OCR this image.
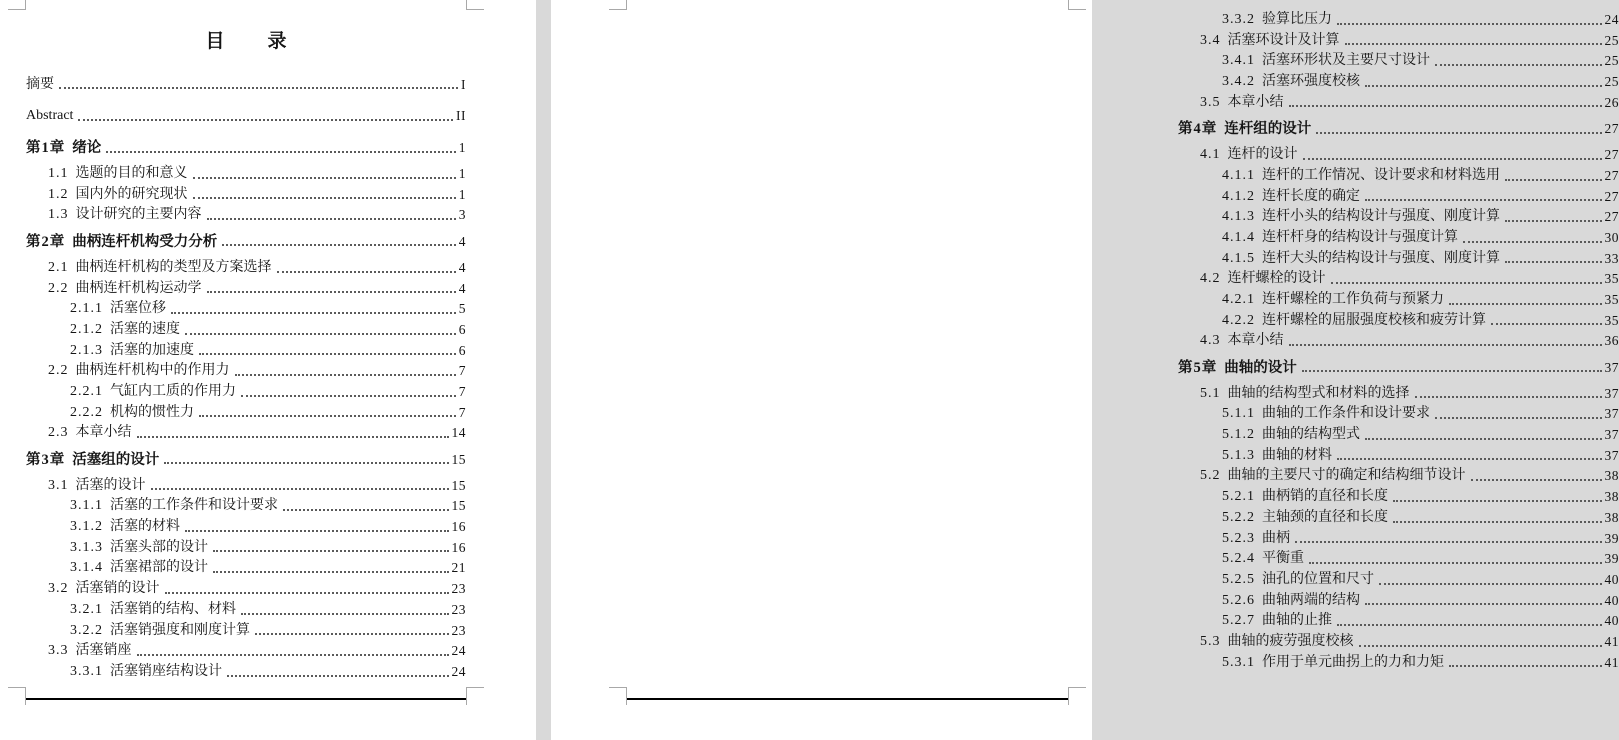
目　录
摘要	I
Abstract	II
第1章 绪论	1
1.1 选题的目的和意义	1
1.2 国内外的研究现状	1
1.3 设计研究的主要内容	3
第2章 曲柄连杆机构受力分析	4
2.1 曲柄连杆机构的类型及方案选择	4
2.2 曲柄连杆机构运动学	4
2.1.1 活塞位移	5
2.1.2 活塞的速度	6
2.1.3 活塞的加速度	6
2.2 曲柄连杆机构中的作用力	7
2.2.1 气缸内工质的作用力	7
2.2.2 机构的惯性力	7
2.3 本章小结	14
第3章 活塞组的设计	15
3.1 活塞的设计	15
3.1.1 活塞的工作条件和设计要求	15
3.1.2 活塞的材料	16
3.1.3 活塞头部的设计	16
3.1.4 活塞裙部的设计	21
3.2 活塞销的设计	23
3.2.1 活塞销的结构、材料	23
3.2.2 活塞销强度和刚度计算	23
3.3 活塞销座	24
3.3.1 活塞销座结构设计	24
3.3.2 验算比压力	24
3.4 活塞环设计及计算	25
3.4.1 活塞环形状及主要尺寸设计	25
3.4.2 活塞环强度校核	25
3.5 本章小结	26
第4章 连杆组的设计	27
4.1 连杆的设计	27
4.1.1 连杆的工作情况、设计要求和材料选用	27
4.1.2 连杆长度的确定	27
4.1.3 连杆小头的结构设计与强度、刚度计算	27
4.1.4 连杆杆身的结构设计与强度计算	30
4.1.5 连杆大头的结构设计与强度、刚度计算	33
4.2 连杆螺栓的设计	35
4.2.1 连杆螺栓的工作负荷与预紧力	35
4.2.2 连杆螺栓的屈服强度校核和疲劳计算	35
4.3 本章小结	36
第5章 曲轴的设计	37
5.1 曲轴的结构型式和材料的选择	37
5.1.1 曲轴的工作条件和设计要求	37
5.1.2 曲轴的结构型式	37
5.1.3 曲轴的材料	37
5.2 曲轴的主要尺寸的确定和结构细节设计	38
5.2.1 曲柄销的直径和长度	38
5.2.2 主轴颈的直径和长度	38
5.2.3 曲柄	39
5.2.4 平衡重	39
5.2.5 油孔的位置和尺寸	40
5.2.6 曲轴两端的结构	40
5.2.7 曲轴的止推	40
5.3 曲轴的疲劳强度校核	41
5.3.1 作用于单元曲拐上的力和力矩	41
